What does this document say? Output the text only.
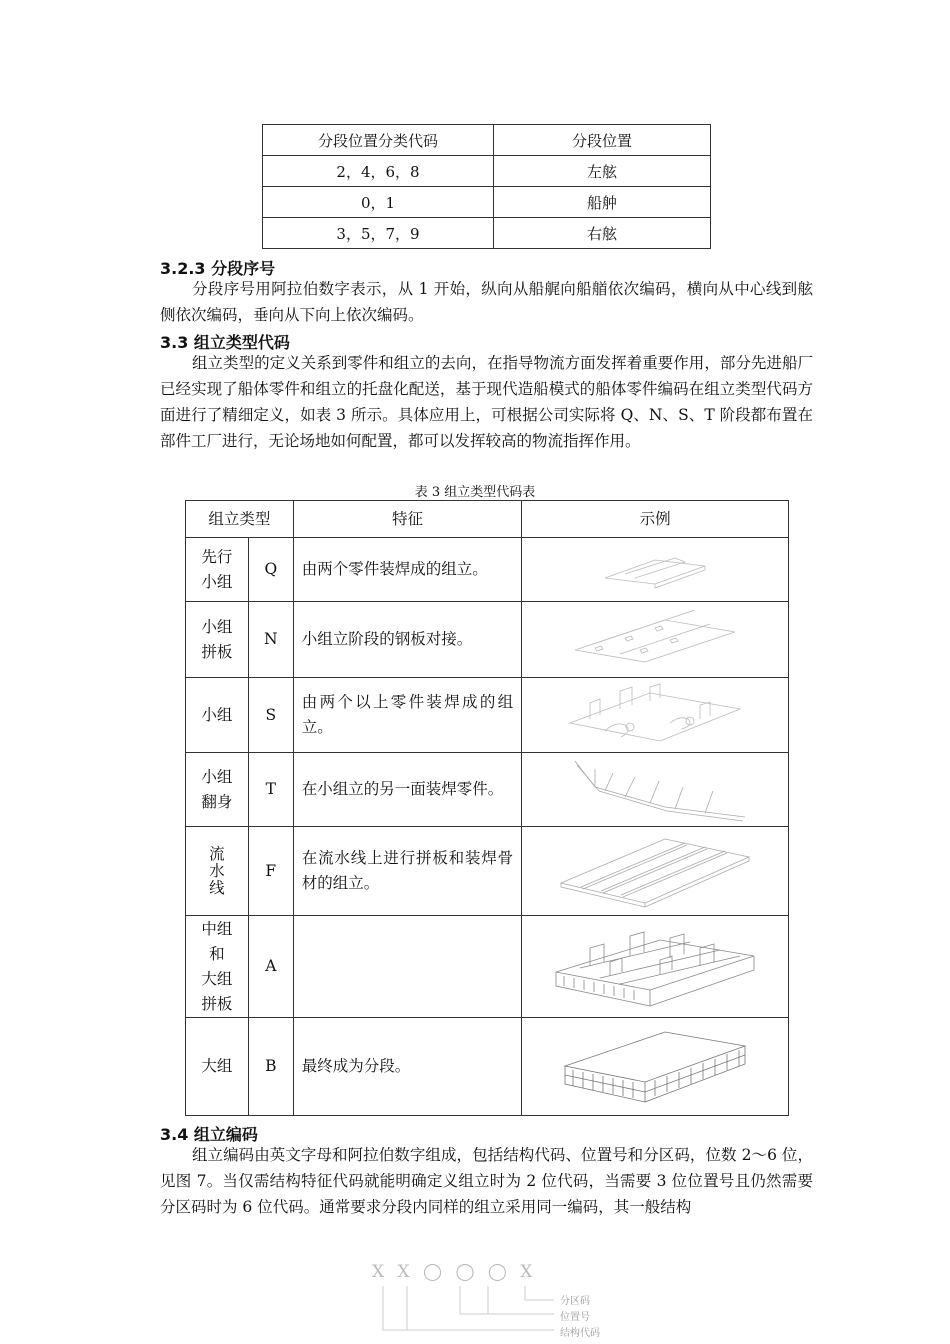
分段位置分类代码	分段位置
2，4，6，8	左舷
0，1	船舯
3，5，7，9	右舷
3.2.3 分段序号

分段序号用阿拉伯数字表示，从 1 开始，纵向从船艉向船艏依次编码，横向从中心线到舷侧依次编码，垂向从下向上依次编码。

3.3 组立类型代码

组立类型的定义关系到零件和组立的去向，在指导物流方面发挥着重要作用，部分先进船厂已经实现了船体零件和组立的托盘化配送，基于现代造船模式的船体零件编码在组立类型代码方面进行了精细定义，如表 3 所示。具体应用上，可根据公司实际将 Q、N、S、T 阶段都布置在部件工厂进行，无论场地如何配置，都可以发挥较高的物流指挥作用。

表 3 组立类型代码表
组立类型		特征	示例
先行
小组	Q	由两个零件装焊成的组立。	

小组
拼板	N	小组立阶段的钢板对接。	

小组	S	由两个以上零件装焊成的组立。	

小组
翻身	T	在小组立的另一面装焊零件。	

流
水
线	F	在流水线上进行拼板和装焊骨材的组立。	

中组
和
大组
拼板	A		

大组	B	最终成为分段。	
3.4 组立编码

组立编码由英文字母和阿拉伯数字组成，包括结构代码、位置号和分区码，位数 2～6 位，见图 7。当仅需结构特征代码就能明确定义组立时为 2 位代码，当需要 3 位位置号且仍然需要分区码时为 6 位代码。通常要求分段内同样的组立采用同一编码，其一般结构

X X ◯ ◯ ◯ X
分区码
位置号
结构代码
